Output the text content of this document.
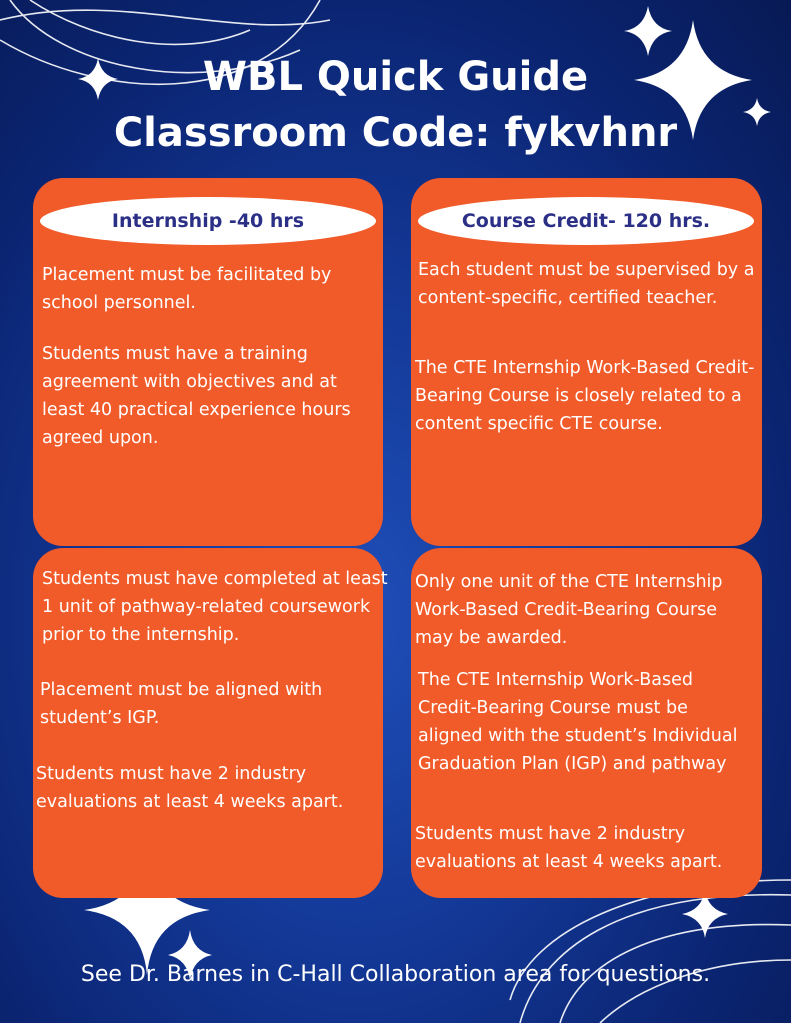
WBL Quick Guide
Classroom Code: fykvhnr
Internship -40 hrs

Placement must be facilitated by school personnel.

Students must have a training agreement with objectives and at least 40 practical experience hours agreed upon.

Students must have completed at least 1 unit of pathway-related coursework prior to the internship.

Placement must be aligned with student’s IGP.

Students must have 2 industry evaluations at least 4 weeks apart.

Course Credit- 120 hrs.

Each student must be supervised by a content-specific, certified teacher.

The CTE Internship Work-Based Credit-Bearing Course is closely related to a content specific CTE course.

Only one unit of the CTE Internship Work-Based Credit-Bearing Course may be awarded.

The CTE Internship Work-Based Credit-Bearing Course must be aligned with the student’s Individual Graduation Plan (IGP) and pathway

Students must have 2 industry evaluations at least 4 weeks apart.

See Dr. Barnes in C-Hall Collaboration area for questions.
